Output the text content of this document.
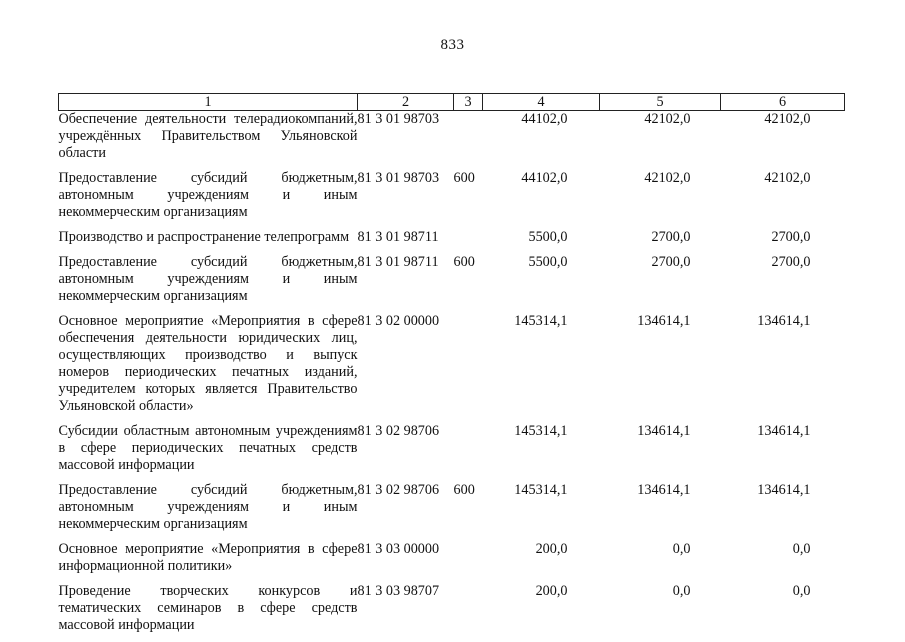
833
1	2	3	4	5	6
Обеспечение деятельности телерадиокомпаний, учреждённых Правительством Ульяновской области	81 3 01 98703		44102,0	42102,0	42102,0
Предоставление субсидий бюджетным, автономным учреждениям и иным некоммерческим организациям	81 3 01 98703	600	44102,0	42102,0	42102,0
Производство и распространение телепрограмм	81 3 01 98711		5500,0	2700,0	2700,0
Предоставление субсидий бюджетным, автономным учреждениям и иным некоммерческим организациям	81 3 01 98711	600	5500,0	2700,0	2700,0
Основное мероприятие «Мероприятия в сфере обеспечения деятельности юридических лиц, осуществляющих производство и выпуск номеров периодических печатных изданий, учредителем которых является Правительство Ульяновской области»	81 3 02 00000		145314,1	134614,1	134614,1
Субсидии областным автономным учреждениям в сфере периодических печатных средств массовой информации	81 3 02 98706		145314,1	134614,1	134614,1
Предоставление субсидий бюджетным, автономным учреждениям и иным некоммерческим организациям	81 3 02 98706	600	145314,1	134614,1	134614,1
Основное мероприятие «Мероприятия в сфере информационной политики»	81 3 03 00000		200,0	0,0	0,0
Проведение творческих конкурсов и тематических семинаров в сфере средств массовой информации	81 3 03 98707		200,0	0,0	0,0
